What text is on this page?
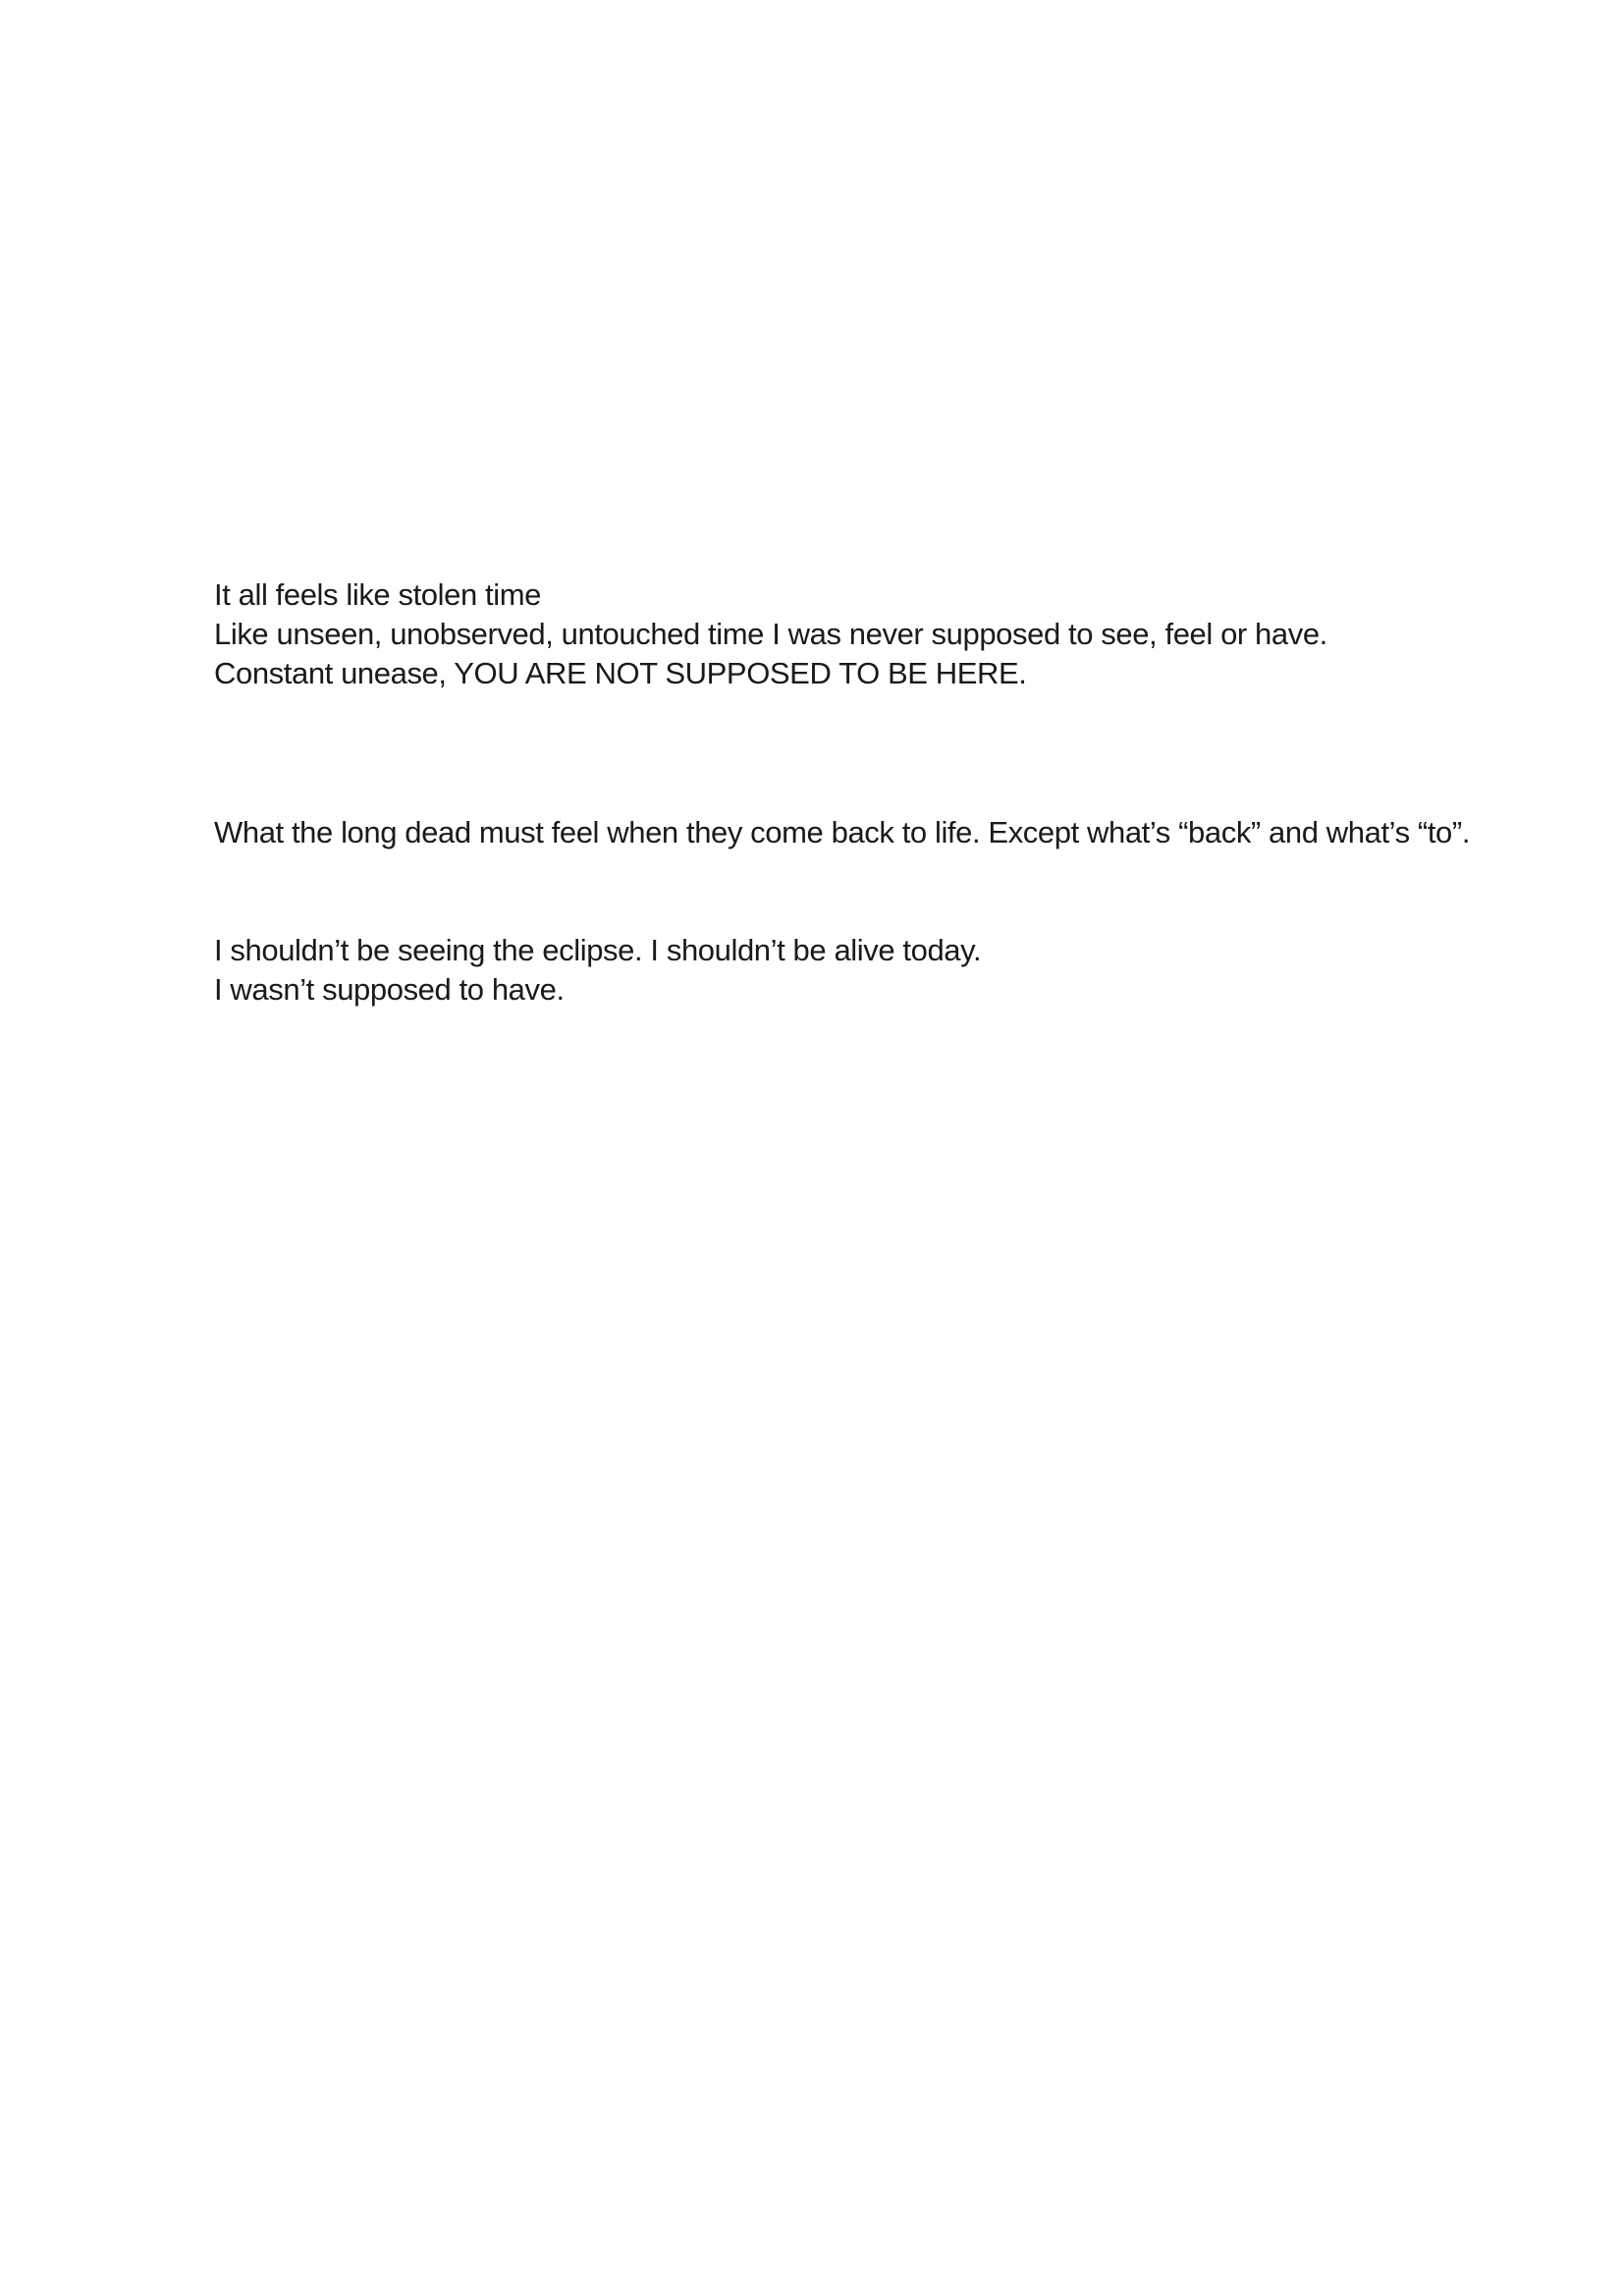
It all feels like stolen time
Like unseen, unobserved, untouched time I was never supposed to see, feel or have.
Constant unease, YOU ARE NOT SUPPOSED TO BE HERE.
What the long dead must feel when they come back to life. Except what’s “back” and what’s “to”.
I shouldn’t be seeing the eclipse. I shouldn’t be alive today.
I wasn’t supposed to have.
